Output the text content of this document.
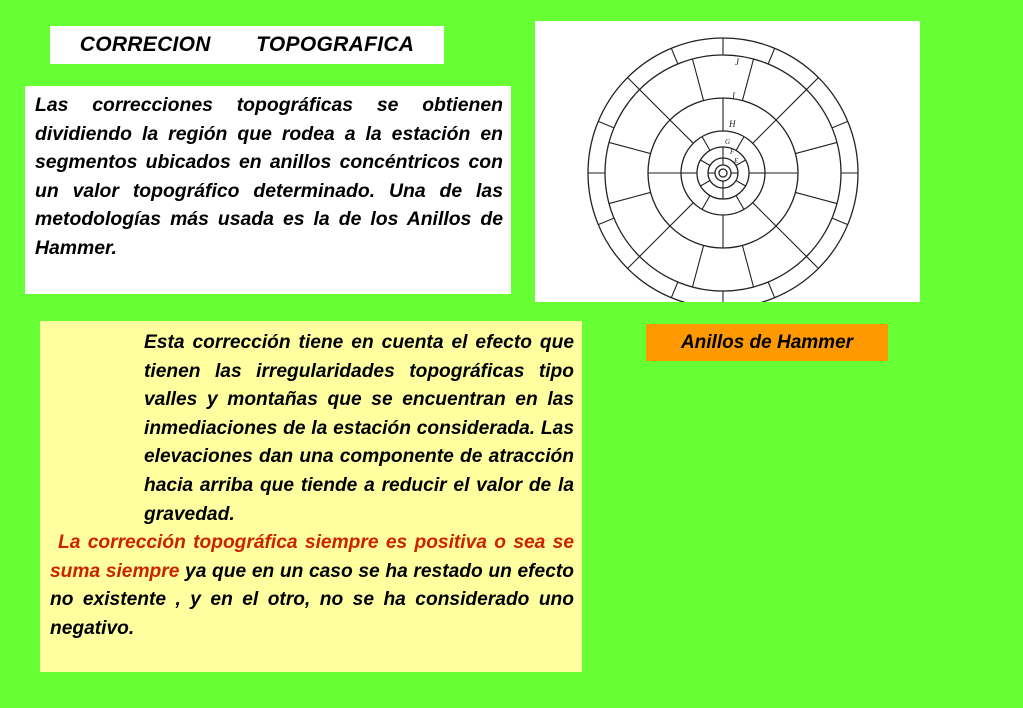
CORRECION   TOPOGRAFICA
Las correcciones topográficas se obtienen dividiendo la región que rodea a la estación en segmentos ubicados en anillos concéntricos con un valor topográfico determinado. Una de las metodologías más usada es la de los Anillos de Hammer.
J
I
H
G
F
E
Anillos de Hammer

Esta corrección tiene en cuenta el efecto que tienen las irregularidades topográficas tipo valles y montañas que se encuentran en las inmediaciones de la estación considerada. Las elevaciones dan una componente de atracción hacia arriba que tiende a reducir el valor de la gravedad.

La corrección topográfica siempre es positiva o sea se suma siempre ya que en un caso se ha restado un efecto no existente , y en el otro, no se ha considerado uno negativo.
